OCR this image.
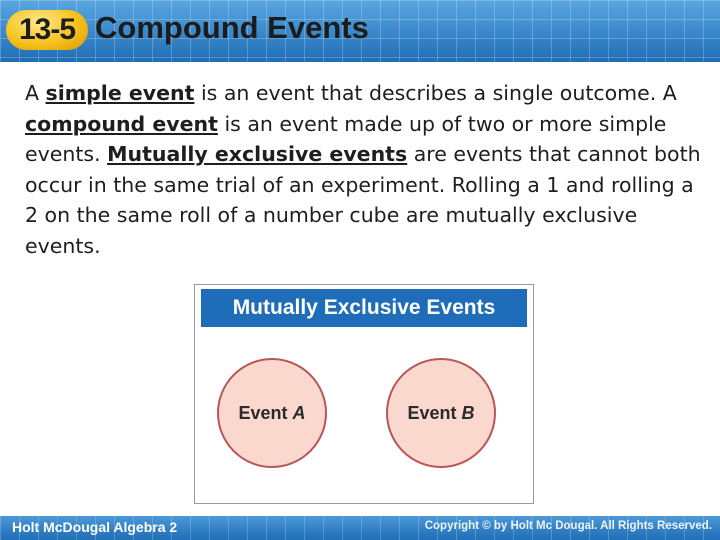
13-5 Compound Events

A simple event is an event that describes a single outcome. A compound event is an event made up of two or more simple events. Mutually exclusive events are events that cannot both occur in the same trial of an experiment. Rolling a 1 and rolling a 2 on the same roll of a number cube are mutually exclusive events.

Mutually Exclusive Events
Event A	Event B
Holt McDougal Algebra 2	Copyright © by Holt Mc Dougal. All Rights Reserved.
